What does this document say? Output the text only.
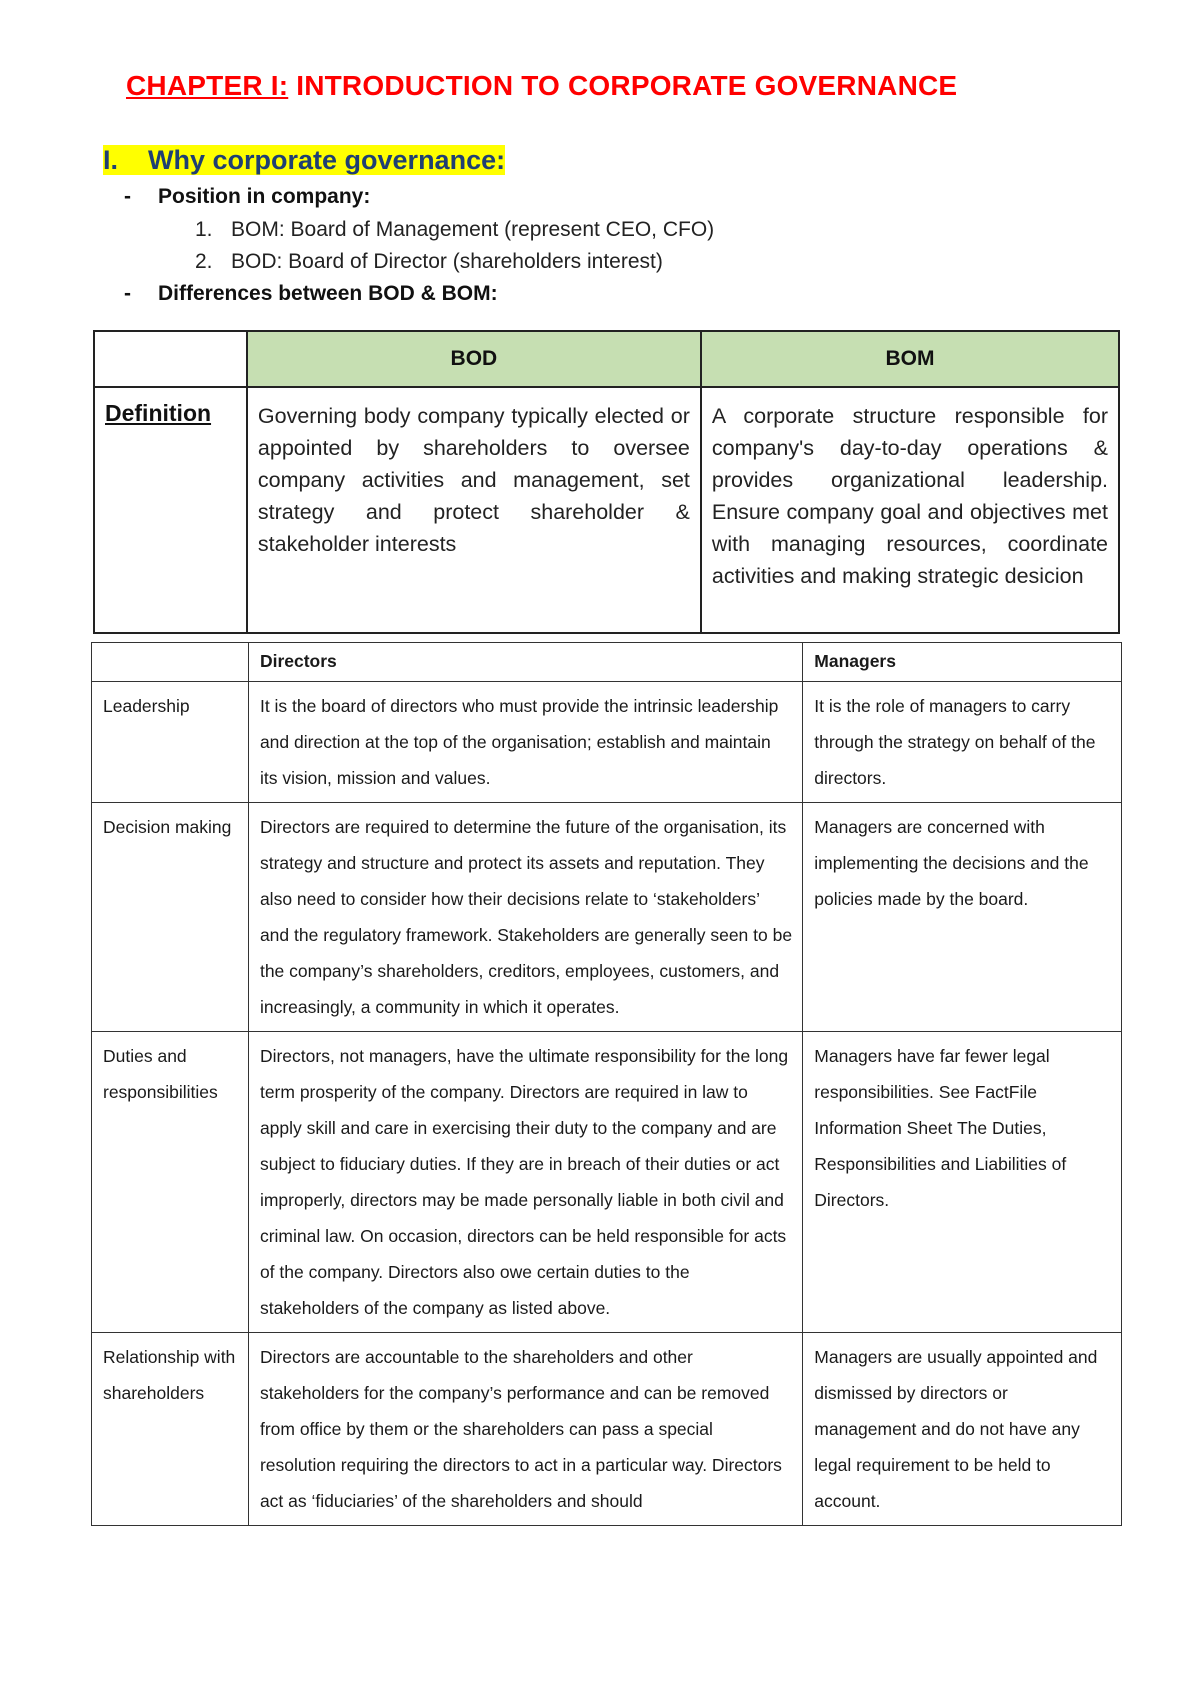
CHAPTER I: INTRODUCTION TO CORPORATE GOVERNANCE
I. Why corporate governance:
- Position in company:
1. BOM: Board of Management (represent CEO, CFO)
2. BOD: Board of Director (shareholders interest)
- Differences between BOD & BOM:
	BOD	BOM
Definition	Governing body company typically elected or appointed by shareholders to oversee company activities and management, set strategy and protect shareholder & stakeholder interests	A corporate structure responsible for company's day-to-day operations & provides organizational leadership. Ensure company goal and objectives met with managing resources, coordinate activities and making strategic desicion
	Directors	Managers
Leadership	It is the board of directors who must provide the intrinsic leadership and direction at the top of the organisation; establish and maintain its vision, mission and values.	It is the role of managers to carry through the strategy on behalf of the directors.
Decision making	Directors are required to determine the future of the organisation, its strategy and structure and protect its assets and reputation. They also need to consider how their decisions relate to ‘stakeholders’ and the regulatory framework. Stakeholders are generally seen to be the company’s shareholders, creditors, employees, customers, and increasingly, a community in which it operates.	Managers are concerned with implementing the decisions and the policies made by the board.
Duties and responsibilities	Directors, not managers, have the ultimate responsibility for the long term prosperity of the company. Directors are required in law to apply skill and care in exercising their duty to the company and are subject to fiduciary duties. If they are in breach of their duties or act improperly, directors may be made personally liable in both civil and criminal law. On occasion, directors can be held responsible for acts of the company. Directors also owe certain duties to the stakeholders of the company as listed above.	Managers have far fewer legal responsibilities. See FactFile Information Sheet The Duties, Responsibilities and Liabilities of Directors.
Relationship with shareholders	Directors are accountable to the shareholders and other stakeholders for the company’s performance and can be removed from office by them or the shareholders can pass a special resolution requiring the directors to act in a particular way. Directors act as ‘fiduciaries’ of the shareholders and should	Managers are usually appointed and dismissed by directors or management and do not have any legal requirement to be held to account.
